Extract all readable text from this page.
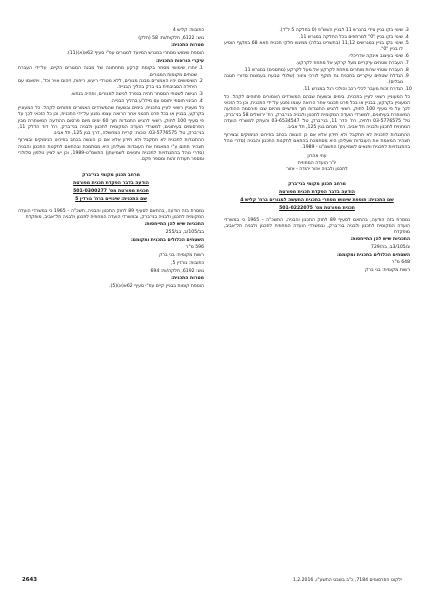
3. שינוי בקו בניין צידי בהגרש 11 לבניין השש"פ (0 בחלקה 5 ל"ד).
4. שינוי בקו בניין "0" למרתפים בכל החלקה במגרש 11.
5. שינוי בקו בניין במגרשים 11,12 (בתשריט גבלה) ממיגש חלקי תכנית תאא 68 בתקוף הוסיע לו בניין "0".
6. שינוי בעיצוב אינקה אדריכלי.
7. העברת שטחים עיקריים מעל קרקע אל מתחת לקרקע.
8. העברת שטחי שרות מותרים מתחת לקרקע אל מעל לקרקע (מחסנים) במגרש 11.
9. הגדלת שטחים עיקריים בתכנית גת תוקף לורכי צינור (שלולי טבעת בעמצות סדורי תגונה גובלים).
10. הגדרת זכות מעבר לכלי רכב והולכי רגל במגרש 11.

כל המעוניין רשאי לעיין בתכנית, בימים ובשעות שבהם המשרדים האמורים פתוחים לקהל. כל המעוניין בקרקע, בבניין או בכל פרט תכנוני אחר הרואה עצמו נפגע על־ידי התכנית, וכן כל הזכאי לכך על פי סעיף 100 לחוק, רשאי להגיש התנגדות תוך חודשיים מהיום שבו פורסמה ההודעה המאוחרת בעיתונים, למשרדי הועדה המקומית לתכנון ולבניה בני־ברק, רח' ירושלים 58 בני־ברק, טל' 03-5776575 ולתיה, רח' הדר 11, בני־ברק, טל' 03-6534547 והעתק למשרדי הועדה המחוזית לתכנון ולבניה תל אביב, רח' מנחם בגין 125, תל אביב.

ההתנגדות לתכנית לא תתקבל ולא תידון אלא אם כן הוגשה בכתב בפירוט הנימוקים ובצירוף תצהיר המאמת את העובדות שעליהן היא מסתמכת בהתאם לתקנות התכנון והבניה (סדרי נוהל בהתנגדויות לתכנית ותנאים לשמיעתן) התשמ"ט - 1989.

עוזי אהרון
יו"ר הועדה המחוזית
לתכנון ולבניה אזור יהודה - אזור

מרחב תכנון מקומי בני־ברק

הודעה בדבר הפקדת תכנית מפורטת

שם התכנית: תוספת שימוש מסחרי בתכנית התעשה למגורים ברח' קליש 4

תכנית מפורטת מס' 501-0222075

נמסרת בזה הודעה, בהתאם לסעיף 89 לחוק התכנון והבניה, התשכ"ה – 1965 כי במשרדי הועדה המקומית לתכנון ולבניה בני־ברק, ובמשרדי הועדה המחוזית לתכנון ולבניה תל־אביב, מופקדת

התכניות שיש להן התייחסות:

צ/3/105ב, בה/729

השטחים הכלולים בתכנית ומקומם:

648 מ"ר

רשות מקומית: בני ברק

כתובות: קליש 4

גוש: 6122, חלקות/ות: 58 (חלק)

מטרות התכנית:

הוספת שימוש מסחרי במגרש המיועד למגורים עפ"י סעיף 62א(א)(11).

עיקרי הוראות התכנית:

1. יותרו שימושי מסחר בקומת קרקע מתחתונה של מבנה המגורים הקיים, על־ידי העברת שטחים מקומות המגורים.
2. השימושים יהיו האמורים מבנה מגורים, ללא מטרדי ריעש, ריחות, זיהום אויר וכד', ויתואמו עם היחידה הסביבתית בני ברק בהליך הבנייה.
3. הגישה לשטחי המסחר תהיה בנפרד לגישה למגורים, ותהיה בנחש.
4. הבינוי תוספי יתוסס עם מילו"ע בהליך הבנייה.

כל מעוניין רשאי לעיין בתכנית, בימים ובשעות שהמשרדים האמורים פתוחים לקהל. כל המעוניין בקרקע, בבניין או בכל פרט תכנוני אחר הרואה עצמו נפגע על־ידי התכנית, וכן כל הזכאי לכך על פי סעיף 100 לחוק, רשאי להגיש התנגדות תוך 60 ימים מיום פרסום ההודעה המאוחרת מבין הפרסומים בעיתונים, למשרדי הועדה המקומית לתכנון ולבניה בני־ברק, רח' דוד הדלק 11, בני־ברק, טל' 03-5776575. כוכוח: קריית המחשלה, דרך בגין 125, תל אביב.

ההתנגדות לתכנית לא תתקבל ולא תידון אלא אם כן הוגשה בכתב בפירוט הנימוקים ובצירוף תצהיר חתום ע"י המאמת את העובדות שעליהן היא מסתמכת ובהתאם לתקנות התכנון והבניה (סדרי נוהל בהתנגדויות לתכנית ותנאים לשמיעתן) התשמ"ט-1989, וכן יש לציין טלפון סלולרי ומספר תעודת זהות ומספר פקס.

מרחב תכנון מקומי בני־ברק

הודעה בדבר הפקדת תכנית מפורטת

תכנית מפורטת מס' 501-0300277

שם התכנית: שינויים ברח' גורדין 5

נמסרת בזה הודעה, בהתאם לסעיף 89 לחוק התכנון והבניה, תשכ"ה – 1965 כי במשרדי הועדה המקומית לתכנון ולבניה בני־ברק, ובמשרדי הועדה המחוזית לתכנון ולבניה תל־אביב, מופקדת

התכניות שיש להן התייחסות:

בב/105/ב, בב/255

השטחים הכלולים בתכנית ומקומם:

596 מ"ר

רשות מקומית: בני ברק

כתובות: גורדין 5,

גוש: 6192, חלקה/ות: 694

מטרות התכנית:

הוספת קומות בבניין קיים עפ"י סעיף 62א(א)(5).

ילקוט הפרסומים 7184, כ"ב בשבט התשע"ו, 1.2.2016
2643
